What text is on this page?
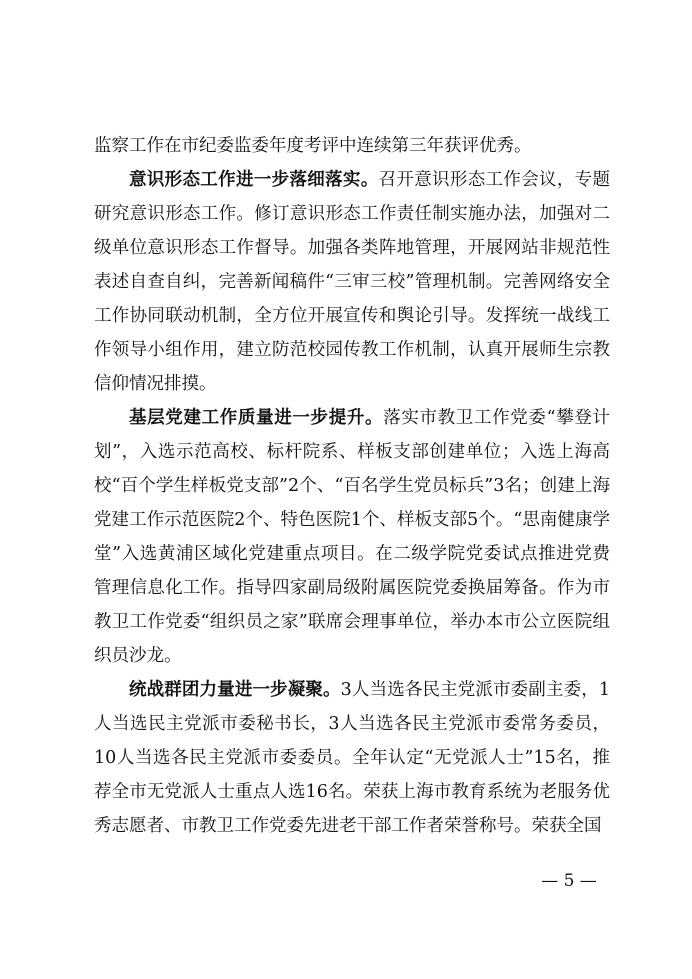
监察工作在市纪委监委年度考评中连续第三年获评优秀。

意识形态工作进一步落细落实。召开意识形态工作会议，专题研究意识形态工作。修订意识形态工作责任制实施办法，加强对二级单位意识形态工作督导。加强各类阵地管理，开展网站非规范性表述自查自纠，完善新闻稿件“三审三校”管理机制。完善网络安全工作协同联动机制，全方位开展宣传和舆论引导。发挥统一战线工作领导小组作用，建立防范校园传教工作机制，认真开展师生宗教信仰情况排摸。

基层党建工作质量进一步提升。落实市教卫工作党委“攀登计划”，入选示范高校、标杆院系、样板支部创建单位；入选上海高校“百个学生样板党支部”2个、“百名学生党员标兵”3名；创建上海党建工作示范医院2个、特色医院1个、样板支部5个。“思南健康学堂”入选黄浦区域化党建重点项目。在二级学院党委试点推进党费管理信息化工作。指导四家副局级附属医院党委换届筹备。作为市教卫工作党委“组织员之家”联席会理事单位，举办本市公立医院组织员沙龙。

统战群团力量进一步凝聚。3人当选各民主党派市委副主委，1人当选民主党派市委秘书长，3人当选各民主党派市委常务委员，10人当选各民主党派市委委员。全年认定“无党派人士”15名，推荐全市无党派人士重点人选16名。荣获上海市教育系统为老服务优秀志愿者、市教卫工作党委先进老干部工作者荣誉称号。荣获全国

— 5 —
